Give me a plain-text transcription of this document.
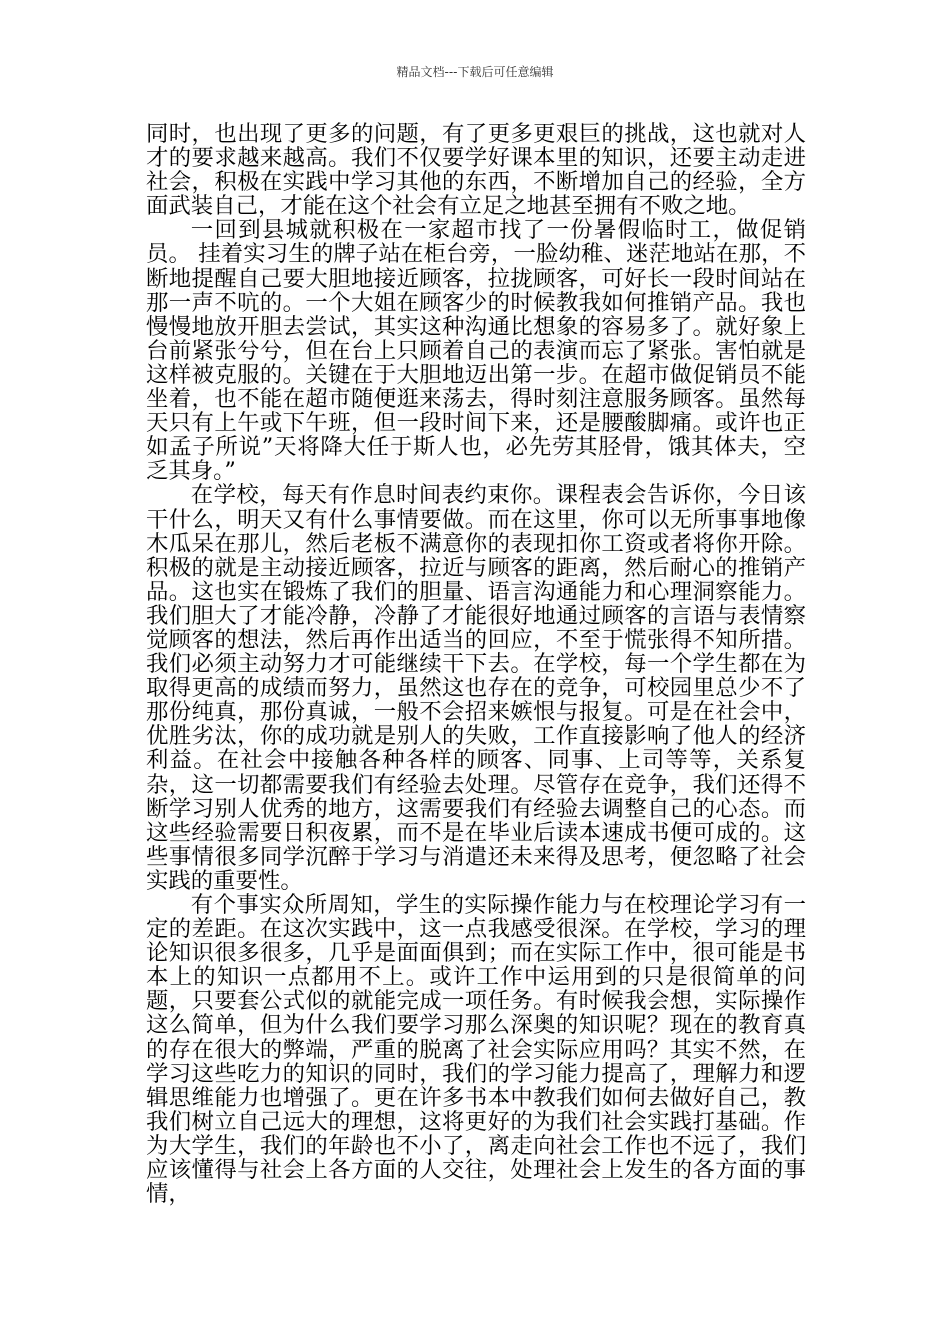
精品文档---下载后可任意编辑

同时，也出现了更多的问题，有了更多更艰巨的挑战，这也就对人才的要求越来越高。我们不仅要学好课本里的知识，还要主动走进社会，积极在实践中学习其他的东西，不断增加自己的经验，全方面武装自己，才能在这个社会有立足之地甚至拥有不败之地。

一回到县城就积极在一家超市找了一份暑假临时工，做促销员。 挂着实习生的牌子站在柜台旁，一脸幼稚、迷茫地站在那，不断地提醒自己要大胆地接近顾客，拉拢顾客，可好长一段时间站在那一声不吭的。一个大姐在顾客少的时候教我如何推销产品。我也慢慢地放开胆去尝试，其实这种沟通比想象的容易多了。就好象上台前紧张兮兮，但在台上只顾着自己的表演而忘了紧张。害怕就是这样被克服的。关键在于大胆地迈出第一步。在超市做促销员不能坐着，也不能在超市随便逛来荡去，得时刻注意服务顾客。虽然每天只有上午或下午班，但一段时间下来，还是腰酸脚痛。或许也正如孟子所说”天将降大任于斯人也，必先劳其胫骨，饿其体夫，空乏其身。”

在学校，每天有作息时间表约束你。课程表会告诉你，今日该干什么，明天又有什么事情要做。而在这里，你可以无所事事地像木瓜呆在那儿，然后老板不满意你的表现扣你工资或者将你开除。积极的就是主动接近顾客，拉近与顾客的距离，然后耐心的推销产品。这也实在锻炼了我们的胆量、语言沟通能力和心理洞察能力。我们胆大了才能冷静，冷静了才能很好地通过顾客的言语与表情察觉顾客的想法，然后再作出适当的回应，不至于慌张得不知所措。我们必须主动努力才可能继续干下去。在学校，每一个学生都在为取得更高的成绩而努力，虽然这也存在的竞争，可校园里总少不了那份纯真，那份真诚，一般不会招来嫉恨与报复。可是在社会中，优胜劣汰，你的成功就是别人的失败，工作直接影响了他人的经济利益。在社会中接触各种各样的顾客、同事、上司等等，关系复杂，这一切都需要我们有经验去处理。尽管存在竞争，我们还得不断学习别人优秀的地方，这需要我们有经验去调整自己的心态。而这些经验需要日积夜累，而不是在毕业后读本速成书便可成的。这些事情很多同学沉醉于学习与消遣还未来得及思考，便忽略了社会实践的重要性。

有个事实众所周知，学生的实际操作能力与在校理论学习有一定的差距。在这次实践中，这一点我感受很深。在学校，学习的理论知识很多很多，几乎是面面俱到；而在实际工作中，很可能是书本上的知识一点都用不上。或许工作中运用到的只是很简单的问题，只要套公式似的就能完成一项任务。有时候我会想，实际操作这么简单，但为什么我们要学习那么深奥的知识呢？现在的教育真的存在很大的弊端，严重的脱离了社会实际应用吗？其实不然，在学习这些吃力的知识的同时，我们的学习能力提高了，理解力和逻辑思维能力也增强了。更在许多书本中教我们如何去做好自己，教我们树立自己远大的理想，这将更好的为我们社会实践打基础。作为大学生，我们的年龄也不小了，离走向社会工作也不远了，我们应该懂得与社会上各方面的人交往，处理社会上发生的各方面的事情，
